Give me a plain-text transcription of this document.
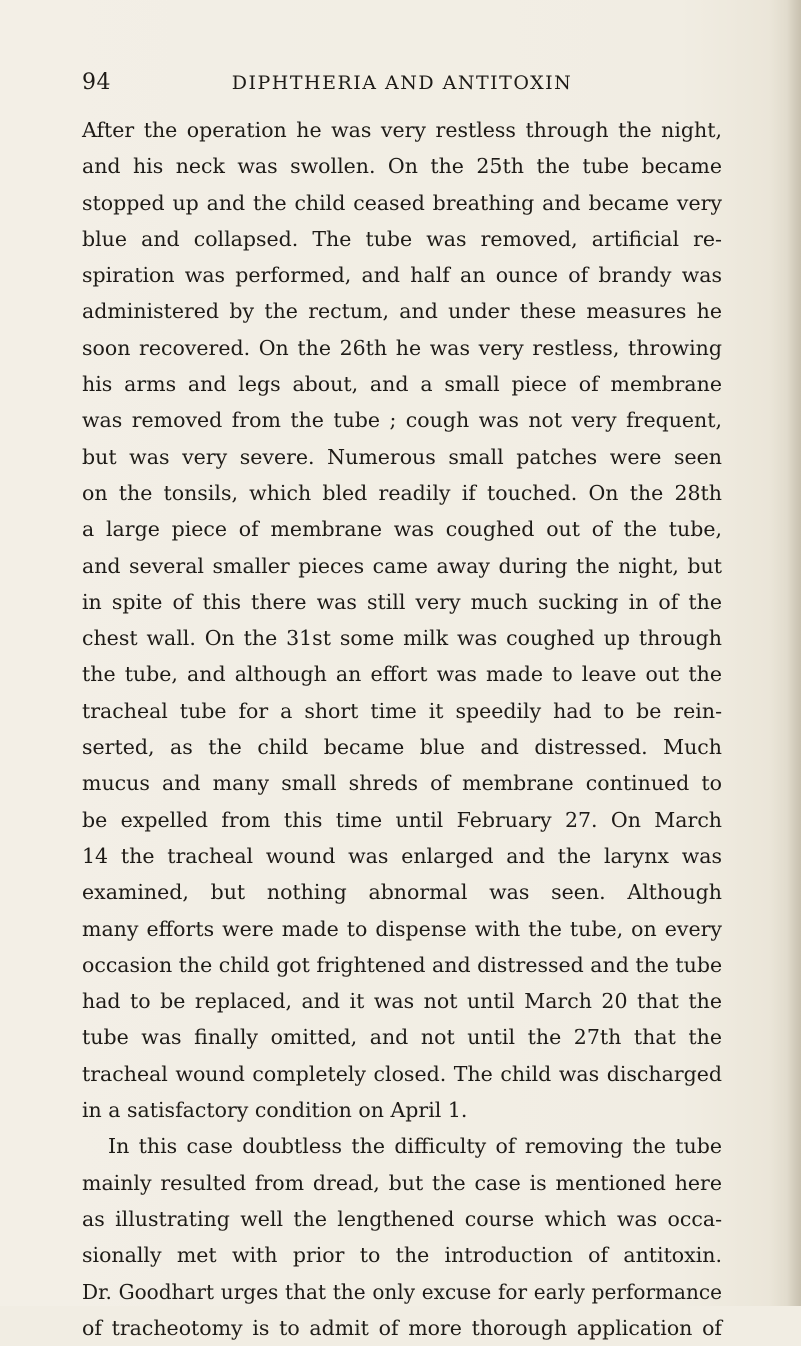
94	DIPHTHERIA AND ANTITOXIN
After the operation he was very restless through the night,
and his neck was swollen. On the 25th the tube became
stopped up and the child ceased breathing and became very
blue and collapsed. The tube was removed, artificial re-
spiration was performed, and half an ounce of brandy was
administered by the rectum, and under these measures he
soon recovered. On the 26th he was very restless, throwing
his arms and legs about, and a small piece of membrane
was removed from the tube ; cough was not very frequent,
but was very severe. Numerous small patches were seen
on the tonsils, which bled readily if touched. On the 28th
a large piece of membrane was coughed out of the tube,
and several smaller pieces came away during the night, but
in spite of this there was still very much sucking in of the
chest wall. On the 31st some milk was coughed up through
the tube, and although an effort was made to leave out the
tracheal tube for a short time it speedily had to be rein-
serted, as the child became blue and distressed. Much
mucus and many small shreds of membrane continued to
be expelled from this time until February 27. On March
14 the tracheal wound was enlarged and the larynx was
examined, but nothing abnormal was seen. Although
many efforts were made to dispense with the tube, on every
occasion the child got frightened and distressed and the tube
had to be replaced, and it was not until March 20 that the
tube was finally omitted, and not until the 27th that the
tracheal wound completely closed. The child was discharged
in a satisfactory condition on April 1.
In this case doubtless the difficulty of removing the tube
mainly resulted from dread, but the case is mentioned here
as illustrating well the lengthened course which was occa-
sionally met with prior to the introduction of antitoxin.
Dr. Goodhart urges that the only excuse for early performance
of tracheotomy is to admit of more thorough application of
